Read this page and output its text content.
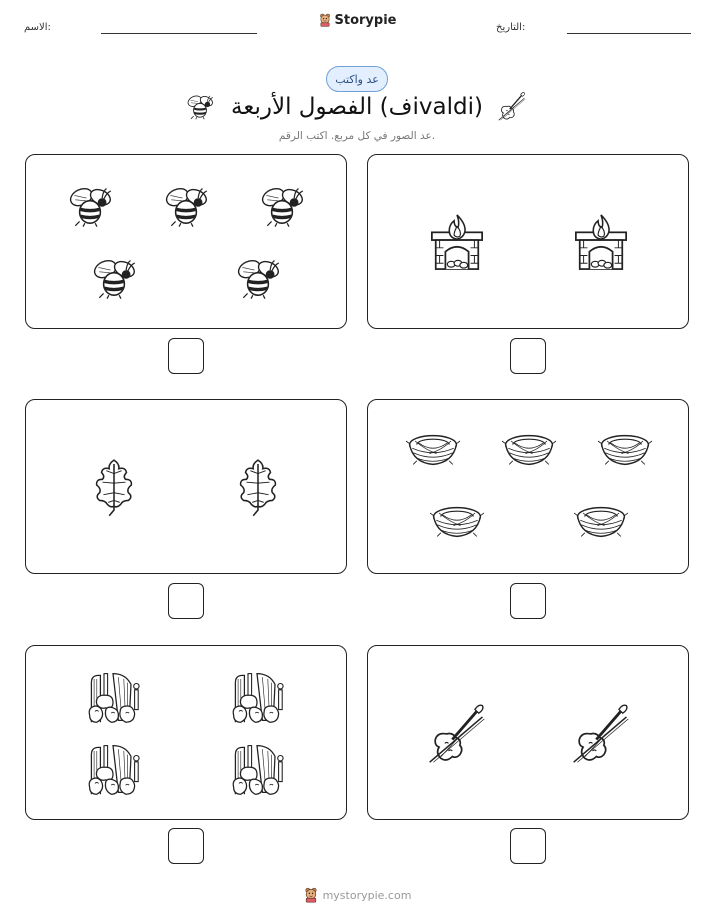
الاسم:	Storypie	التاريخ:
عد واكتب
الفصول الأربعة (فivaldi)
عد الصور في كل مربع. اكتب الرقم.
mystorypie.com
